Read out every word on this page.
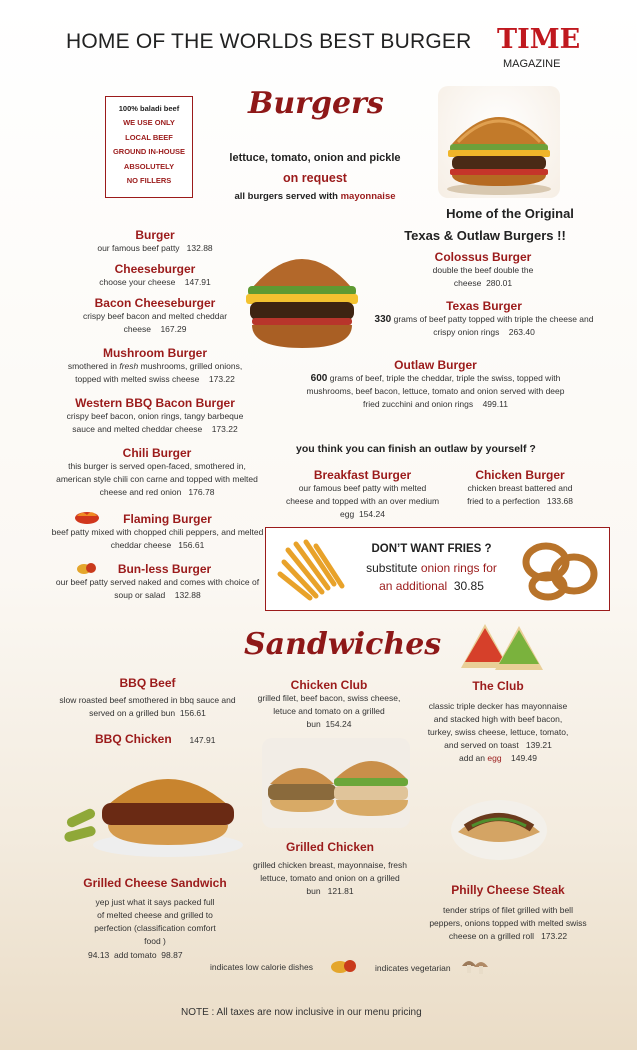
HOME OF THE WORLDS BEST BURGER TIME
MAGAZINE
100% baladi beef
WE USE ONLY
LOCAL BEEF
GROUND IN-HOUSE
ABSOLUTELY
NO FILLERS
Burgers
lettuce, tomato, onion and pickle
on request
all burgers served with mayonnaise
Home of the Original
Texas & Outlaw Burgers !!
Burger
our famous beef patty 132.88
Cheeseburger
choose your cheese 147.91
Bacon Cheeseburger
crispy beef bacon and melted cheddar cheese 167.29
Mushroom Burger
smothered in fresh mushrooms, grilled onions, topped with melted swiss cheese 173.22
Western BBQ Bacon Burger
crispy beef bacon, onion rings, tangy barbeque sauce and melted cheddar cheese 173.22
Chili Burger
this burger is served open-faced, smothered in, american style chili con carne and topped with melted cheese and red onion 176.78
Flaming Burger
beef patty mixed with chopped chili peppers, and melted cheddar cheese 156.61
Bun-less Burger
our beef patty served naked and comes with choice of soup or salad 132.88
Colossus Burger
double the beef double the cheese 280.01
Texas Burger
330 grams of beef patty topped with triple the cheese and crispy onion rings 263.40
Outlaw Burger
600 grams of beef, triple the cheddar, triple the swiss, topped with mushrooms, beef bacon, lettuce, tomato and onion served with deep fried zucchini and onion rings 499.11
you think you can finish an outlaw by yourself ?
Breakfast Burger
our famous beef patty with melted cheese and topped with an over medium egg 154.24
Chicken Burger
chicken breast battered and fried to a perfection 133.68
DON’T WANT FRIES ?
substitute onion rings for
an additional 30.85
Sandwiches
BBQ Beef
slow roasted beef smothered in bbq sauce and served on a grilled bun 156.61
BBQ Chicken 147.91
Chicken Club
grilled filet, beef bacon, swiss cheese, letuce and tomato on a grilled bun 154.24
The Club
classic triple decker has mayonnaise and stacked high with beef bacon, turkey, swiss cheese, lettuce, tomato, and served on toast 139.21
add an egg 149.49
Grilled Chicken
grilled chicken breast, mayonnaise, fresh lettuce, tomato and onion on a grilled bun 121.81
Grilled Cheese Sandwich
yep just what it says packed full of melted cheese and grilled to perfection (classification comfort food )
94.13 add tomato 98.87
Philly Cheese Steak
tender strips of filet grilled with bell peppers, onions topped with melted swiss cheese on a grilled roll 173.22
indicates low calorie dishes	indicates vegetarian
NOTE : All taxes are now inclusive in our menu pricing
